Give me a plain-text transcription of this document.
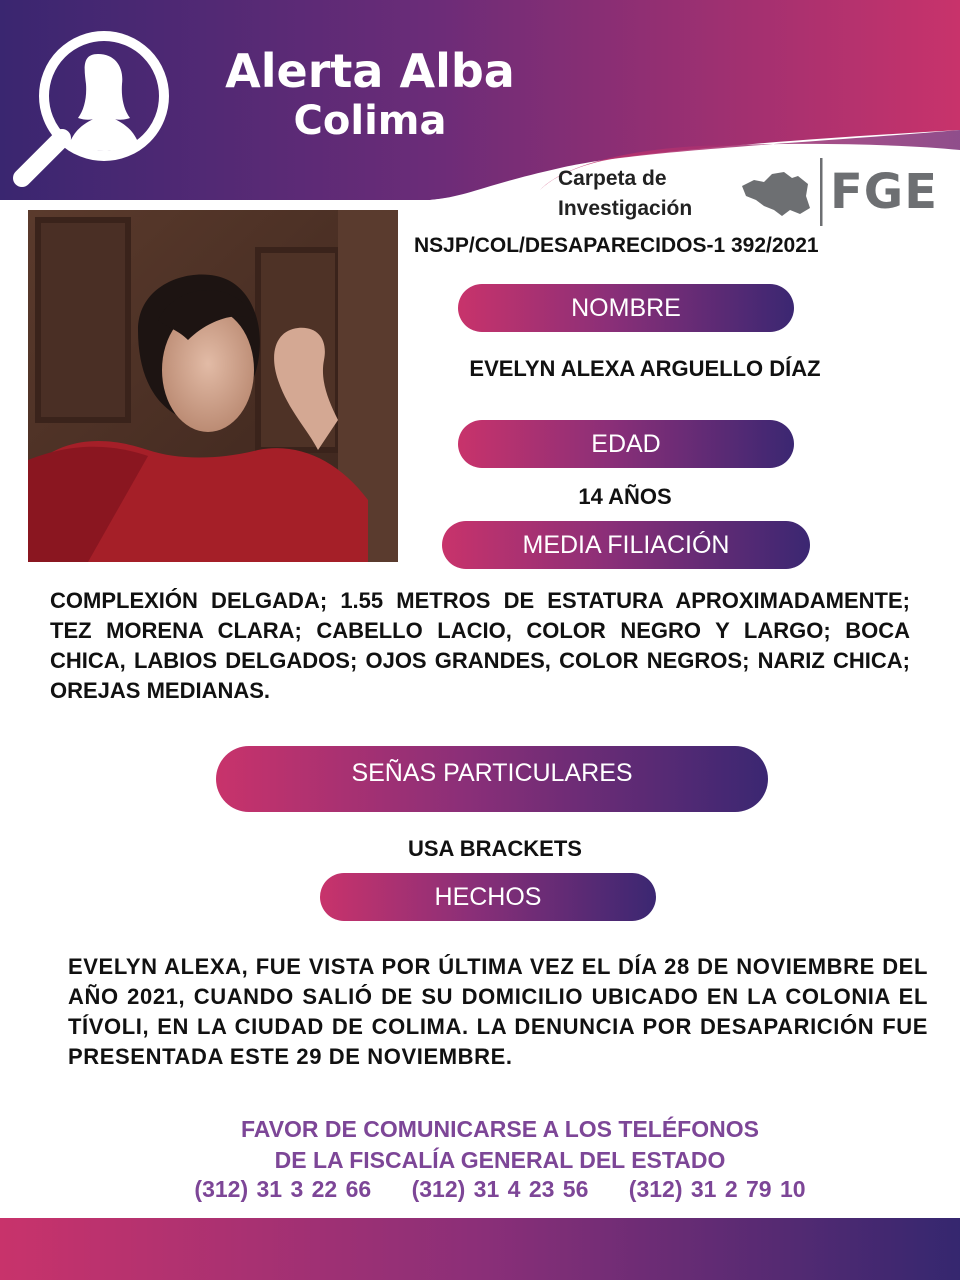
Alerta Alba
Colima
Carpeta de
Investigación	FGE
NSJP/COL/DESAPARECIDOS-1 392/2021
NOMBRE
EVELYN ALEXA ARGUELLO DÍAZ
EDAD
14 AÑOS
MEDIA FILIACIÓN
COMPLEXIÓN DELGADA; 1.55 METROS DE ESTATURA APROXIMADAMENTE; TEZ MORENA CLARA; CABELLO LACIO, COLOR NEGRO Y LARGO; BOCA CHICA, LABIOS DELGADOS; OJOS GRANDES, COLOR NEGROS; NARIZ CHICA; OREJAS MEDIANAS.
SEÑAS PARTICULARES
USA BRACKETS
HECHOS
EVELYN ALEXA, FUE VISTA POR ÚLTIMA VEZ EL DÍA 28 DE NOVIEMBRE DEL AÑO 2021, CUANDO SALIÓ DE SU DOMICILIO UBICADO EN LA COLONIA EL TÍVOLI, EN LA CIUDAD DE COLIMA. LA DENUNCIA POR DESAPARICIÓN FUE PRESENTADA ESTE 29 DE NOVIEMBRE.
FAVOR DE COMUNICARSE A LOS TELÉFONOS
DE LA FISCALÍA GENERAL DEL ESTADO
(312) 31 3 22 66 (312) 31 4 23 56 (312) 31 2 79 10
